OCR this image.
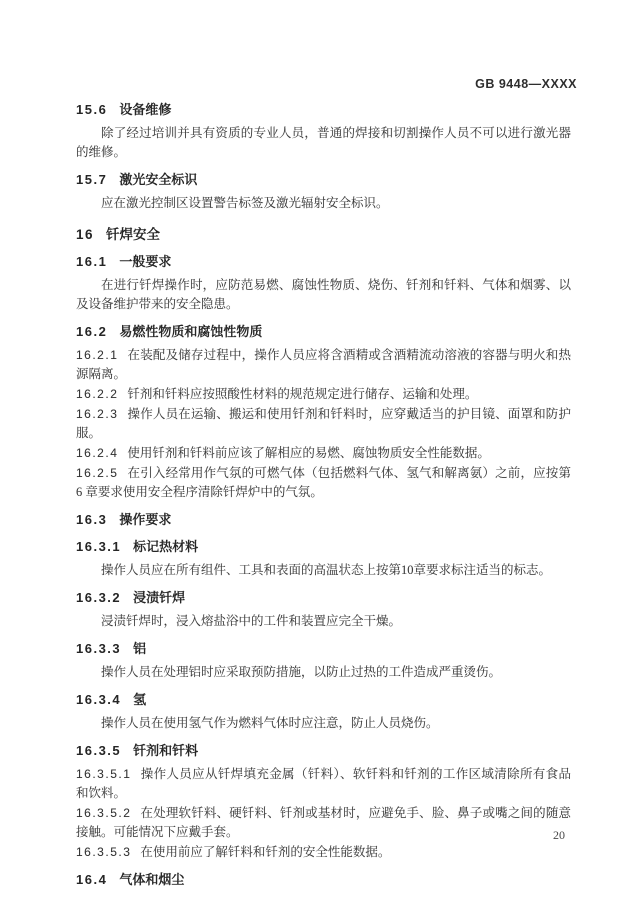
GB 9448—XXXX
15.6 设备维修

除了经过培训并具有资质的专业人员，普通的焊接和切割操作人员不可以进行激光器的维修。

15.7 激光安全标识

应在激光控制区设置警告标签及激光辐射安全标识。

16 钎焊安全
16.1 一般要求

在进行钎焊操作时，应防范易燃、腐蚀性物质、烧伤、钎剂和钎料、气体和烟雾、以及设备维护带来的安全隐患。

16.2 易燃性物质和腐蚀性物质

16.2.1 在装配及储存过程中，操作人员应将含酒精或含酒精流动溶液的容器与明火和热源隔离。

16.2.2 钎剂和钎料应按照酸性材料的规范规定进行储存、运输和处理。

16.2.3 操作人员在运输、搬运和使用钎剂和钎料时，应穿戴适当的护目镜、面罩和防护服。

16.2.4 使用钎剂和钎料前应该了解相应的易燃、腐蚀物质安全性能数据。

16.2.5 在引入经常用作气氛的可燃气体（包括燃料气体、氢气和解离氨）之前，应按第 6 章要求使用安全程序清除钎焊炉中的气氛。

16.3 操作要求
16.3.1 标记热材料

操作人员应在所有组件、工具和表面的高温状态上按第10章要求标注适当的标志。

16.3.2 浸渍钎焊

浸渍钎焊时，浸入熔盐浴中的工件和装置应完全干燥。

16.3.3 铝

操作人员在处理铝时应采取预防措施，以防止过热的工件造成严重烫伤。

16.3.4 氢

操作人员在使用氢气作为燃料气体时应注意，防止人员烧伤。

16.3.5 钎剂和钎料

16.3.5.1 操作人员应从钎焊填充金属（钎料）、软钎料和钎剂的工作区域清除所有食品和饮料。

16.3.5.2 在处理软钎料、硬钎料、钎剂或基材时，应避免手、脸、鼻子或嘴之间的随意接触。可能情况下应戴手套。

16.3.5.3 在使用前应了解钎料和钎剂的安全性能数据。

16.4 气体和烟尘
20
